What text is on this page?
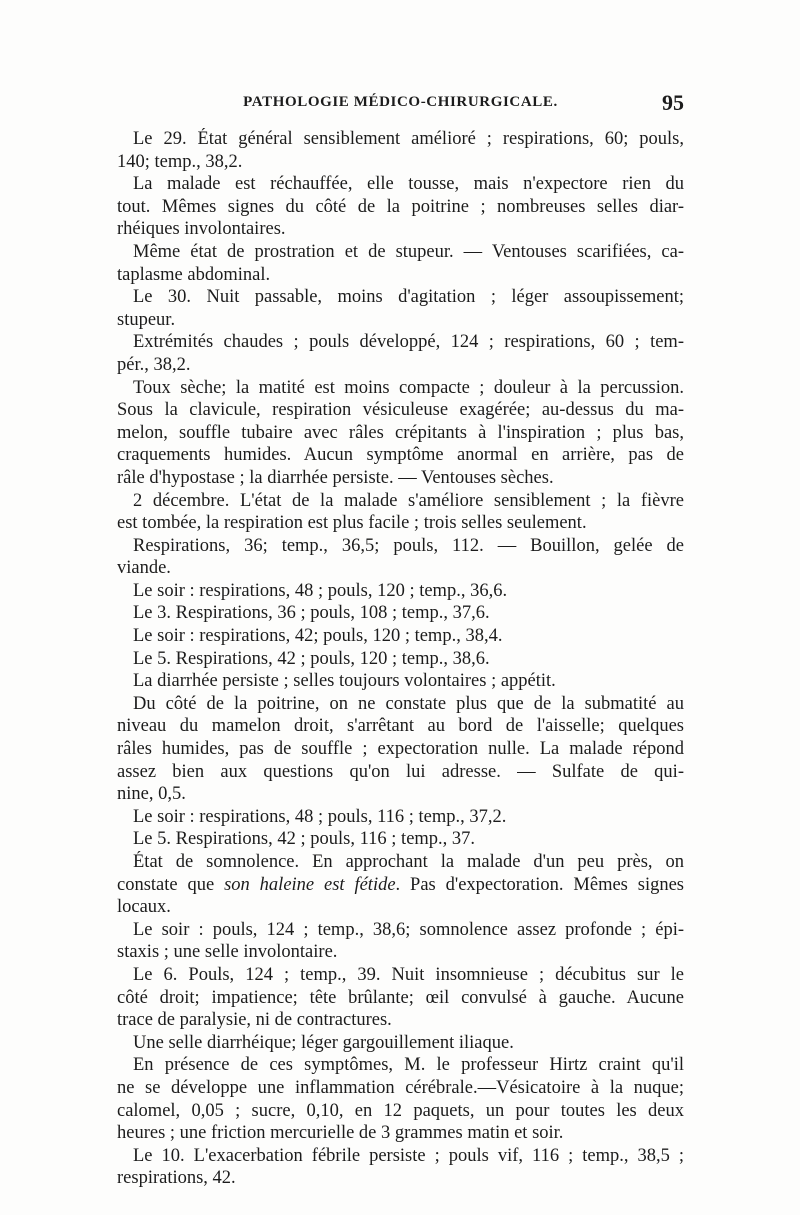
PATHOLOGIE MÉDICO-CHIRURGICALE.	95
Le 29. État général sensiblement amélioré ; respirations, 60; pouls,
140; temp., 38,2.
La malade est réchauffée, elle tousse, mais n'expectore rien du
tout. Mêmes signes du côté de la poitrine ; nombreuses selles diar-
rhéiques involontaires.
Même état de prostration et de stupeur. — Ventouses scarifiées, ca-
taplasme abdominal.
Le 30. Nuit passable, moins d'agitation ; léger assoupissement;
stupeur.
Extrémités chaudes ; pouls développé, 124 ; respirations, 60 ; tem-
pér., 38,2.
Toux sèche; la matité est moins compacte ; douleur à la percussion.
Sous la clavicule, respiration vésiculeuse exagérée; au-dessus du ma-
melon, souffle tubaire avec râles crépitants à l'inspiration ; plus bas,
craquements humides. Aucun symptôme anormal en arrière, pas de
râle d'hypostase ; la diarrhée persiste. — Ventouses sèches.
2 décembre. L'état de la malade s'améliore sensiblement ; la fièvre
est tombée, la respiration est plus facile ; trois selles seulement.
Respirations, 36; temp., 36,5; pouls, 112. — Bouillon, gelée de
viande.
Le soir : respirations, 48 ; pouls, 120 ; temp., 36,6.
Le 3. Respirations, 36 ; pouls, 108 ; temp., 37,6.
Le soir : respirations, 42; pouls, 120 ; temp., 38,4.
Le 5. Respirations, 42 ; pouls, 120 ; temp., 38,6.
La diarrhée persiste ; selles toujours volontaires ; appétit.
Du côté de la poitrine, on ne constate plus que de la submatité au
niveau du mamelon droit, s'arrêtant au bord de l'aisselle; quelques
râles humides, pas de souffle ; expectoration nulle. La malade répond
assez bien aux questions qu'on lui adresse. — Sulfate de qui-
nine, 0,5.
Le soir : respirations, 48 ; pouls, 116 ; temp., 37,2.
Le 5. Respirations, 42 ; pouls, 116 ; temp., 37.
État de somnolence. En approchant la malade d'un peu près, on
constate que son haleine est fétide. Pas d'expectoration. Mêmes signes
locaux.
Le soir : pouls, 124 ; temp., 38,6; somnolence assez profonde ; épi-
staxis ; une selle involontaire.
Le 6. Pouls, 124 ; temp., 39. Nuit insomnieuse ; décubitus sur le
côté droit; impatience; tête brûlante; œil convulsé à gauche. Aucune
trace de paralysie, ni de contractures.
Une selle diarrhéique; léger gargouillement iliaque.
En présence de ces symptômes, M. le professeur Hirtz craint qu'il
ne se développe une inflammation cérébrale.—Vésicatoire à la nuque;
calomel, 0,05 ; sucre, 0,10, en 12 paquets, un pour toutes les deux
heures ; une friction mercurielle de 3 grammes matin et soir.
Le 10. L'exacerbation fébrile persiste ; pouls vif, 116 ; temp., 38,5 ;
respirations, 42.
